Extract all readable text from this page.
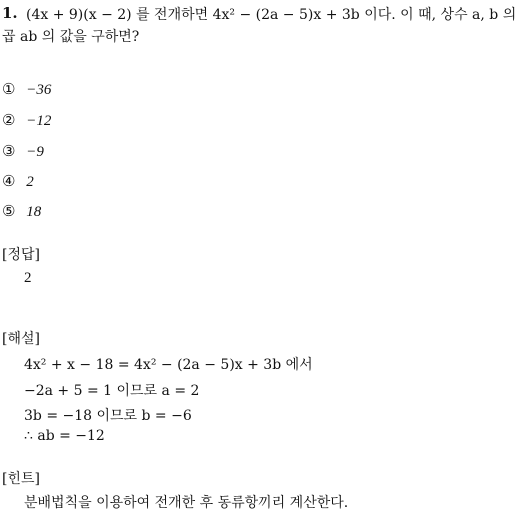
1. (4x + 9)(x − 2) 를 전개하면 4x² − (2a − 5)x + 3b 이다. 이 때, 상수 a, b 의
곱 ab 의 값을 구하면?
① −36
② −12
③ −9
④ 2
⑤ 18
[정답]
2
[해설]
4x² + x − 18 = 4x² − (2a − 5)x + 3b 에서
−2a + 5 = 1 이므로 a = 2
3b = −18 이므로 b = −6
∴ ab = −12
[힌트]
분배법칙을 이용하여 전개한 후 동류항끼리 계산한다.
